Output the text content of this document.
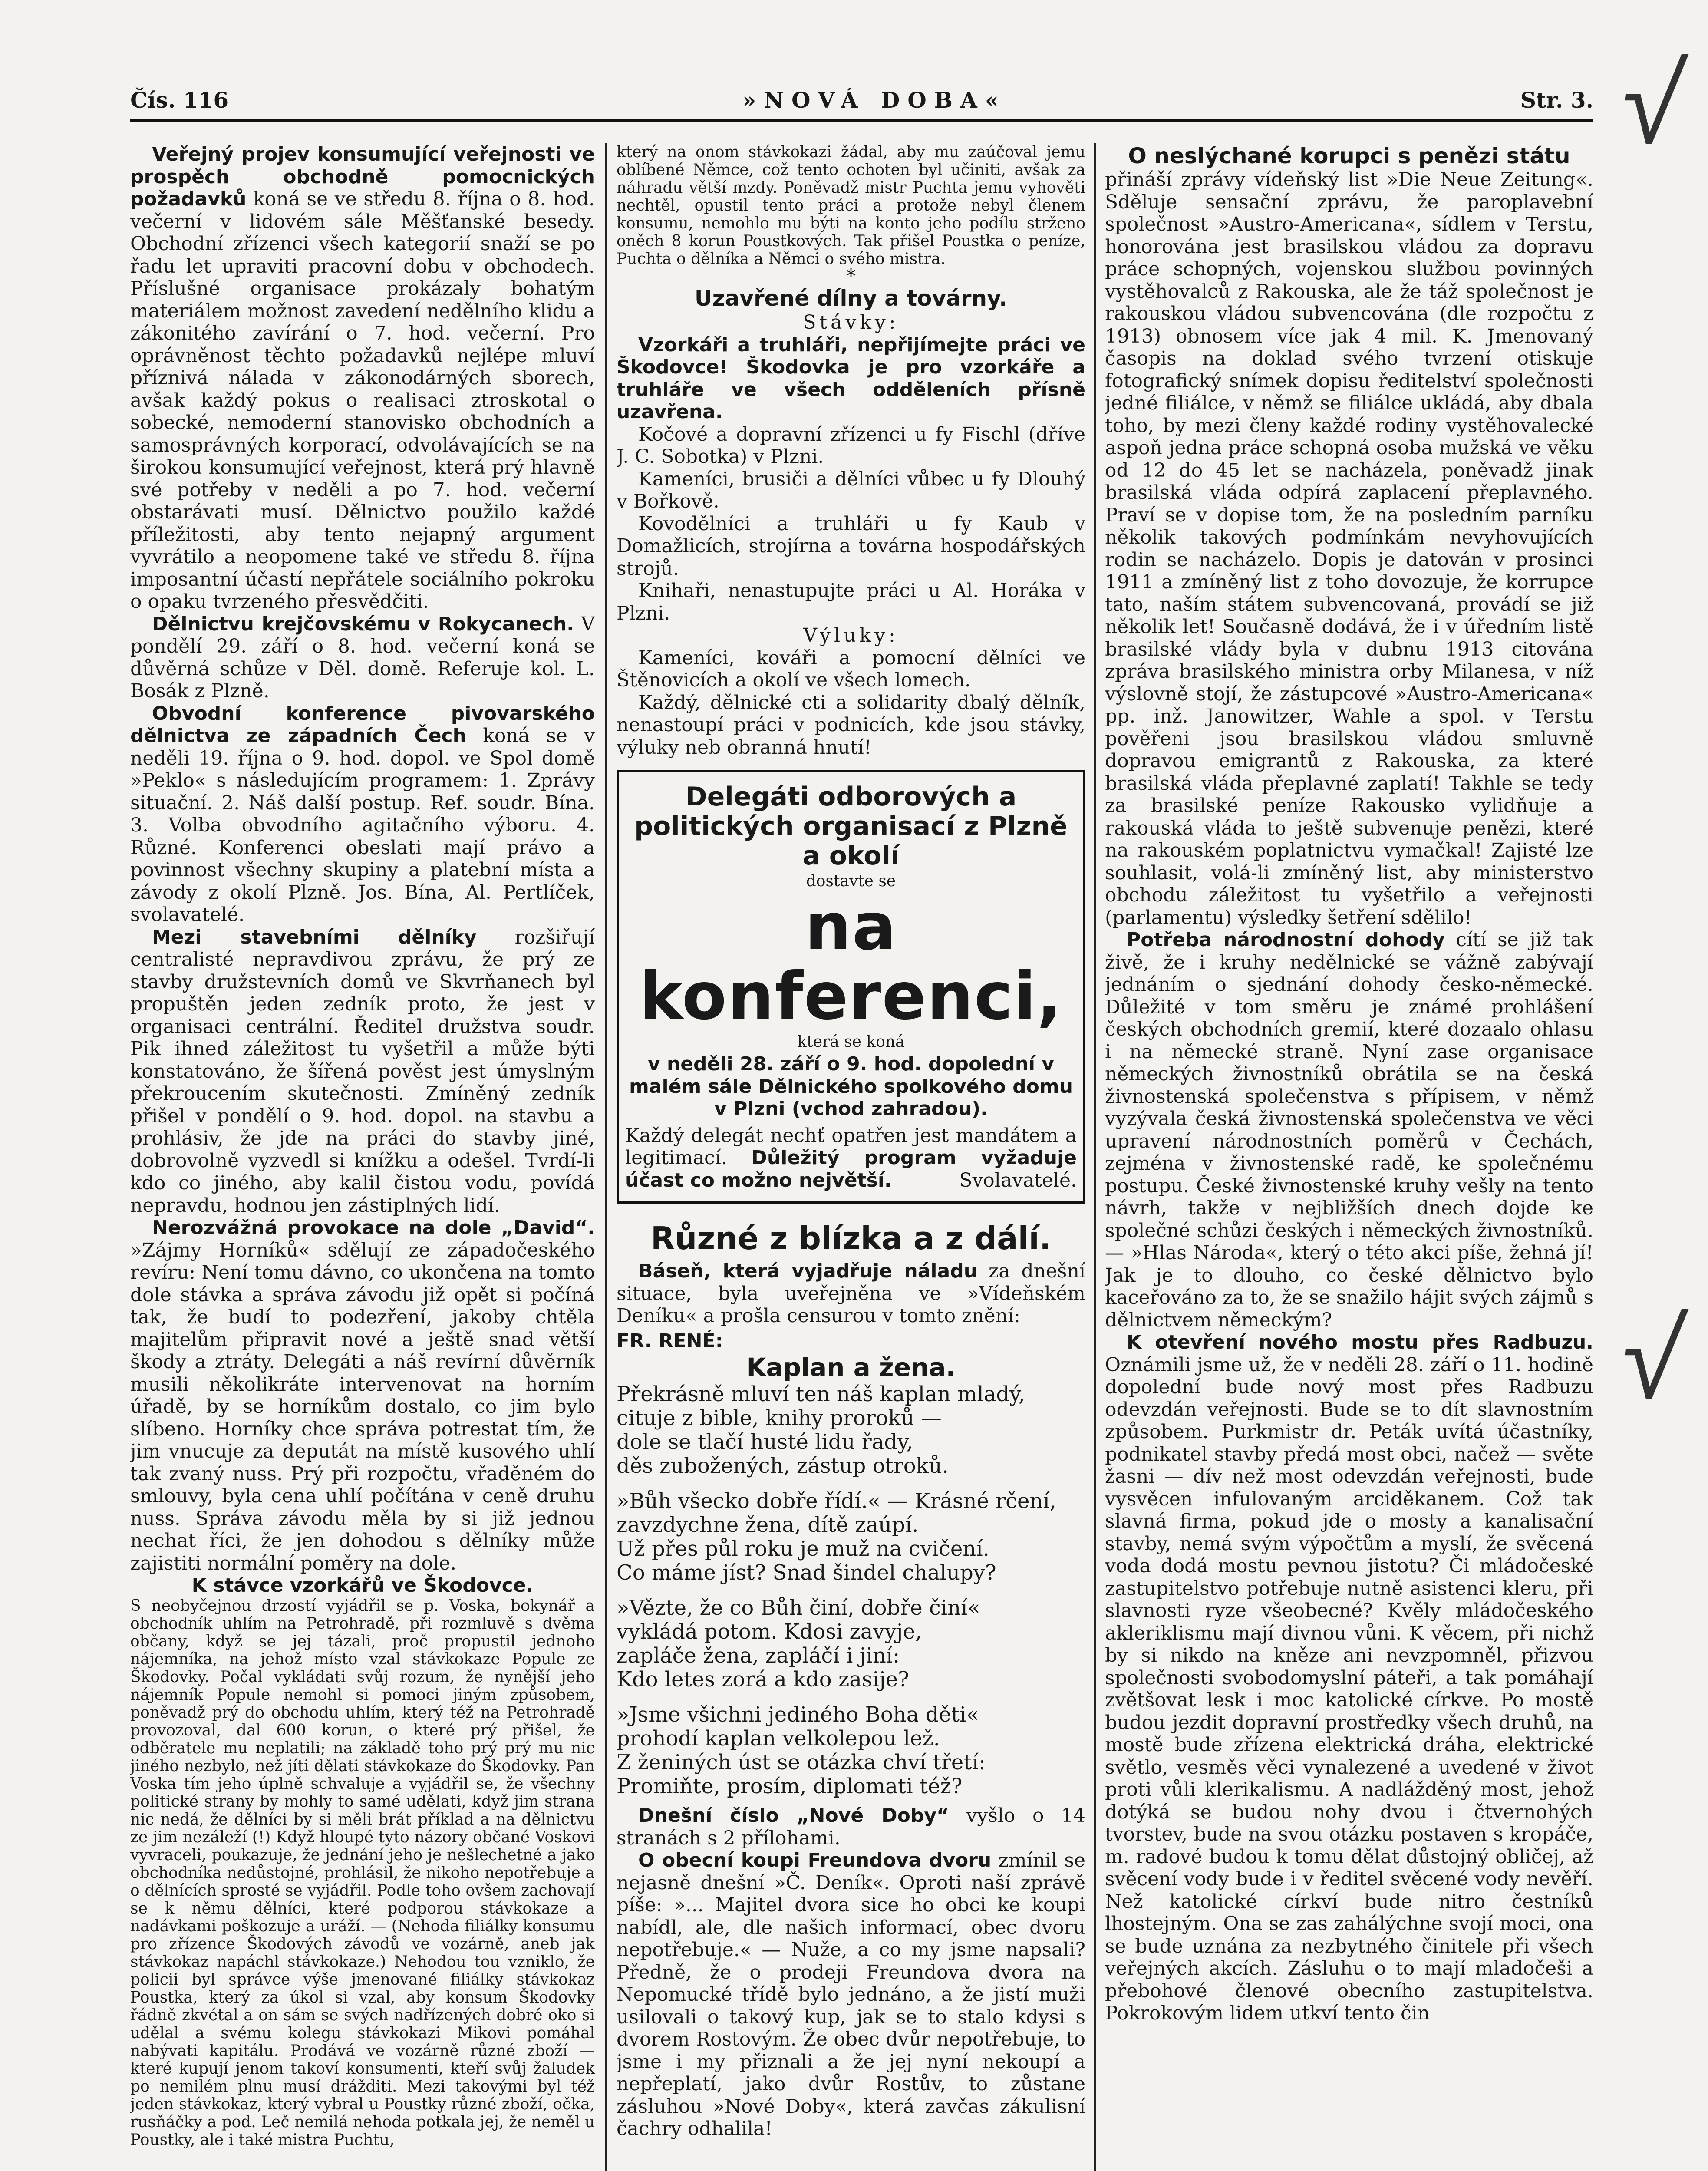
Čís. 116	»NOVÁ DOBA«	Str. 3. √
√

Veřejný projev konsumující veřejnosti ve prospěch obchodně pomocnických požadavků koná se ve středu 8. října o 8. hod. večerní v lidovém sále Měšťanské besedy. Obchodní zřízenci všech kategorií snaží se po řadu let upraviti pracovní dobu v obchodech. Příslušné organisace prokázaly bohatým materiálem možnost zavedení nedělního klidu a zákonitého zavírání o 7. hod. večerní. Pro oprávněnost těchto požadavků nejlépe mluví příznivá nálada v zákonodárných sborech, avšak každý pokus o realisaci ztroskotal o sobecké, nemoderní stanovisko obchodních a samosprávných korporací, odvolávajících se na širokou konsumující veřejnost, která prý hlavně své potřeby v neděli a po 7. hod. večerní obstarávati musí. Dělnictvo použilo každé příležitosti, aby tento nejapný argument vyvrátilo a neopomene také ve středu 8. října imposantní účastí nepřátele sociálního pokroku o opaku tvrzeného přesvědčiti.

Dělnictvu krejčovskému v Rokycanech. V pondělí 29. září o 8. hod. večerní koná se důvěrná schůze v Děl. domě. Referuje kol. L. Bosák z Plzně.

Obvodní konference pivovarského dělnictva ze západních Čech koná se v neděli 19. října o 9. hod. dopol. ve Spol domě »Peklo« s následujícím programem: 1. Zprávy situační. 2. Náš další postup. Ref. soudr. Bína. 3. Volba obvodního agitačního výboru. 4. Různé. Konferenci obeslati mají právo a povinnost všechny skupiny a platební místa a závody z okolí Plzně. Jos. Bína, Al. Pertlíček, svolavatelé.

Mezi stavebními dělníky rozšiřují centralisté nepravdivou zprávu, že prý ze stavby družstevních domů ve Skvrňanech byl propuštěn jeden zedník proto, že jest v organisaci centrální. Ředitel družstva soudr. Pik ihned záležitost tu vyšetřil a může býti konstatováno, že šířená pověst jest úmyslným překroucením skutečnosti. Zmíněný zedník přišel v pondělí o 9. hod. dopol. na stavbu a prohlásiv, že jde na práci do stavby jiné, dobrovolně vyzvedl si knížku a odešel. Tvrdí-li kdo co jiného, aby kalil čistou vodu, povídá nepravdu, hodnou jen zástiplných lidí.

Nerozvážná provokace na dole „David“. »Zájmy Horníků« sdělují ze západočeského revíru: Není tomu dávno, co ukončena na tomto dole stávka a správa závodu již opět si počíná tak, že budí to podezření, jakoby chtěla majitelům připravit nové a ještě snad větší škody a ztráty. Delegáti a náš revírní důvěrník musili několikráte intervenovat na horním úřadě, by se horníkům dostalo, co jim bylo slíbeno. Horníky chce správa potrestat tím, že jim vnucuje za deputát na místě kusového uhlí tak zvaný nuss. Prý při rozpočtu, vřaděném do smlouvy, byla cena uhlí počítána v ceně druhu nuss. Správa závodu měla by si již jednou nechat říci, že jen dohodou s dělníky může zajistiti normální poměry na dole.

K stávce vzorkářů ve Škodovce.

S neobyčejnou drzostí vyjádřil se p. Voska, bokynář a obchodník uhlím na Petrohradě, při rozmluvě s dvěma občany, když se jej tázali, proč propustil jednoho nájemníka, na jehož místo vzal stávkokaze Popule ze Škodovky. Počal vykládati svůj rozum, že nynější jeho nájemník Popule nemohl si pomoci jiným způsobem, poněvadž prý do obchodu uhlím, který též na Petrohradě provozoval, dal 600 korun, o které prý přišel, že odběratele mu neplatili; na základě toho prý prý mu nic jiného nezbylo, než jíti dělati stávkokaze do Škodovky. Pan Voska tím jeho úplně schvaluje a vyjádřil se, že všechny politické strany by mohly to samé udělati, když jim strana nic nedá, že dělníci by si měli brát příklad a na dělnictvu ze jim nezáleží (!) Když hloupé tyto názory občané Voskovi vyvraceli, poukazuje, že jednání jeho je nešlechetné a jako obchodníka nedůstojné, prohlásil, že nikoho nepotřebuje a o dělnících sprosté se vyjádřil. Podle toho ovšem zachovají se k němu dělníci, které podporou stávkokaze a nadávkami poškozuje a uráží. — (Nehoda filiálky konsumu pro zřízence Škodových závodů ve vozárně, aneb jak stávkokaz napáchl stávkokaze.) Nehodou tou vzniklo, že policii byl správce výše jmenované filiálky stávkokaz Poustka, který za úkol si vzal, aby konsum Škodovky řádně zkvétal a on sám se svých nadřízených dobré oko si udělal a svému kolegu stávkokazi Mikovi pomáhal nabývati kapitálu. Prodává ve vozárně různé zboží — které kupují jenom takoví konsumenti, kteří svůj žaludek po nemilém plnu musí drážditi. Mezi takovými byl též jeden stávkokaz, který vybral u Poustky různé zboží, očka, rusňáčky a pod. Leč nemilá nehoda potkala jej, že neměl u Poustky, ale i také mistra Puchtu,

který na onom stávkokazi žádal, aby mu zaúčoval jemu oblíbené Němce, což tento ochoten byl učiniti, avšak za náhradu větší mzdy. Poněvadž mistr Puchta jemu vyhověti nechtěl, opustil tento práci a protože nebyl členem konsumu, nemohlo mu býti na konto jeho podílu strženo oněch 8 korun Poustkových. Tak přišel Poustka o peníze, Puchta o dělníka a Němci o svého mistra.

*

Uzavřené dílny a továrny.

Stávky:

Vzorkáři a truhláři, nepřijímejte práci ve Škodovce! Škodovka je pro vzorkáře a truhláře ve všech odděleních přísně uzavřena.

Kočové a dopravní zřízenci u fy Fischl (dříve J. C. Sobotka) v Plzni.

Kameníci, brusiči a dělníci vůbec u fy Dlouhý v Bořkově.

Kovodělníci a truhláři u fy Kaub v Domažlicích, strojírna a továrna hospodářských strojů.

Knihaři, nenastupujte práci u Al. Horáka v Plzni.

Výluky:

Kameníci, kováři a pomocní dělníci ve Štěnovicích a okolí ve všech lomech.

Každý, dělnické cti a solidarity dbalý dělník, nenastoupí práci v podnicích, kde jsou stávky, výluky neb obranná hnutí!

Delegáti odborových a politických organisací z Plzně a okolí

dostavte se

na konferenci,

která se koná

v neděli 28. září o 9. hod. dopolední v malém sále Dělnického spolkového domu v Plzni (vchod zahradou).

Každý delegát nechť opatřen jest mandátem a legitimací. Důležitý program vyžaduje účast co možno největší.	Svolavatelé.

Různé z blízka a z dálí.

Báseň, která vyjadřuje náladu za dnešní situace, byla uveřejněna ve »Vídeňském Deníku« a prošla censurou v tomto znění:

FR. RENÉ:

Kaplan a žena.

Překrásně mluví ten náš kaplan mladý,

citujе z bible, knihy proroků —

dole se tlačí husté lidu řady,

děs zubožených, zástup otroků.

»Bůh všecko dobře řídí.« — Krásné rčení,

zavzdychne žena, dítě zaúpí.

Už přes půl roku je muž na cvičení.

Co máme jíst? Snad šindel chalupy?

»Vězte, že co Bůh činí, dobře činí«

vykládá potom. Kdosi zavyje,

zapláče žena, zapláčí i jiní:

Kdo letes zorá a kdo zasije?

»Jsme všichni jediného Boha děti«

prohodí kaplan velkolepou lež.

Z ženiných úst se otázka chví třetí:

Promiňte, prosím, diplomati též?

Dnešní číslo „Nové Doby“ vyšlo o 14 stranách s 2 přílohami.

O obecní koupi Freundova dvoru zmínil se nejasně dnešní »Č. Deník«. Oproti naší zprávě píše: »... Majitel dvora sice ho obci ke koupi nabídl, ale, dle našich informací, obec dvoru nepotřebuje.« — Nuže, a co my jsme napsali? Předně, že o prodeji Freundova dvora na Nepomucké třídě bylo jednáno, a že jistí muži usilovali o takový kup, jak se to stalo kdysi s dvorem Rostovým. Že obec dvůr nepotřebuje, to jsme i my přiznali a že jej nyní nekoupí a nepřeplatí, jako dvůr Rostův, to zůstane zásluhou »Nové Doby«, která zavčas zákulisní čachry odhalila!

O neslýchané korupci s penězi státu

přináší zprávy vídeňský list »Die Neue Zeitung«. Sděluje sensační zprávu, že paroplavební společnost »Austro-Americana«, sídlem v Terstu, honorována jest brasilskou vládou za dopravu práce schopných, vojenskou službou povinných vystěhovalců z Rakouska, ale že táž společnost je rakouskou vládou subvencována (dle rozpočtu z 1913) obnosem více jak 4 mil. K. Jmenovaný časopis na doklad svého tvrzení otiskuje fotografický snímek dopisu ředitelství společnosti jedné filiálce, v němž se filiálce ukládá, aby dbala toho, by mezi členy každé rodiny vystěhovalecké aspoň jedna práce schopná osoba mužská ve věku od 12 do 45 let se nacházela, poněvadž jinak brasilská vláda odpírá zaplacení přeplavného. Praví se v dopise tom, že na posledním parníku několik takových podmínkám nevyhovujících rodin se nacházelo. Dopis je datován v prosinci 1911 a zmíněný list z toho dovozuje, že korrupce tato, naším státem subvencovaná, provádí se již několik let! Současně dodává, že i v úředním listě brasilské vlády byla v dubnu 1913 citována zpráva brasilského ministra orby Milanesa, v níž výslovně stojí, že zástupcové »Austro-Americana« pp. inž. Janowitzer, Wahle a spol. v Terstu pověřeni jsou brasilskou vládou smluvně dopravou emigrantů z Rakouska, za které brasilská vláda přeplavné zaplatí! Takhle se tedy za brasilské peníze Rakousko vylidňuje a rakouská vláda to ještě subvenuje penězi, které na rakouském poplatnictvu vymačkal! Zajisté lze souhlasit, volá-li zmíněný list, aby ministerstvo obchodu záležitost tu vyšetřilo a veřejnosti (parlamentu) výsledky šetření sdělilo!

Potřeba národnostní dohody cítí se již tak živě, že i kruhy nedělnické se vážně zabývají jednáním o sjednání dohody česko-německé. Důležité v tom směru je známé prohlášení českých obchodních gremií, které dozaalo ohlasu i na německé straně. Nyní zase organisace německých živnostníků obrátila se na česká živnostenská společenstva s přípisem, v němž vyzývala česká živnostenská společenstva ve věci upravení národnostních poměrů v Čechách, zejména v živnostenské radě, ke společnému postupu. České živnostenské kruhy vešly na tento návrh, takže v nejbližších dnech dojde ke společné schůzi českých i německých živnostníků. — »Hlas Národa«, který o této akci píše, žehná jí! Jak je to dlouho, co české dělnictvo bylo kaceřováno za to, že se snažilo hájit svých zájmů s dělnictvem německým?

K otevření nového mostu přes Radbuzu. Oznámili jsme už, že v neděli 28. září o 11. hodině dopolední bude nový most přes Radbuzu odevzdán veřejnosti. Bude se to dít slavnostním způsobem. Purkmistr dr. Peták uvítá účastníky, podnikatel stavby předá most obci, načež — světe žasni — dív než most odevzdán veřejnosti, bude vysvěcen infulovaným arciděkanem. Což tak slavná firma, pokud jde o mosty a kanalisační stavby, nemá svým výpočtům a myslí, že svěcená voda dodá mostu pevnou jistotu? Či mládočeské zastupitelstvo potřebuje nutně asistenci kleru, při slavnosti ryze všeobecné? Kvěly mládočeského akleriklismu mají divnou vůni. K věcem, při nichž by si nikdo na kněze ani nevzpomněl, přizvou společnosti svobodomyslní páteři, a tak pomáhají zvětšovat lesk i moc katolické církve. Po mostě budou jezdit dopravní prostředky všech druhů, na mostě bude zřízena elektrická dráha, elektrické světlo, vesměs věci vynalezené a uvedené v život proti vůli klerikalismu. A nadlážděný most, jehož dotýká se budou nohy dvou i čtvernohých tvorstev, bude na svou otázku postaven s kropáče, m. radové budou k tomu dělat důstojný obličej, až svěcení vody bude i v ředitel svěcené vody nevěří. Než katolické církví bude nitro čestníků lhostejným. Ona se zas zahálýchne svojí moci, ona se bude uznána za nezbytného činitele při všech veřejných akcích. Zásluhu o to mají mladočeši a přebohové členové obecního zastupitelstva. Pokrokovým lidem utkví tento čin
